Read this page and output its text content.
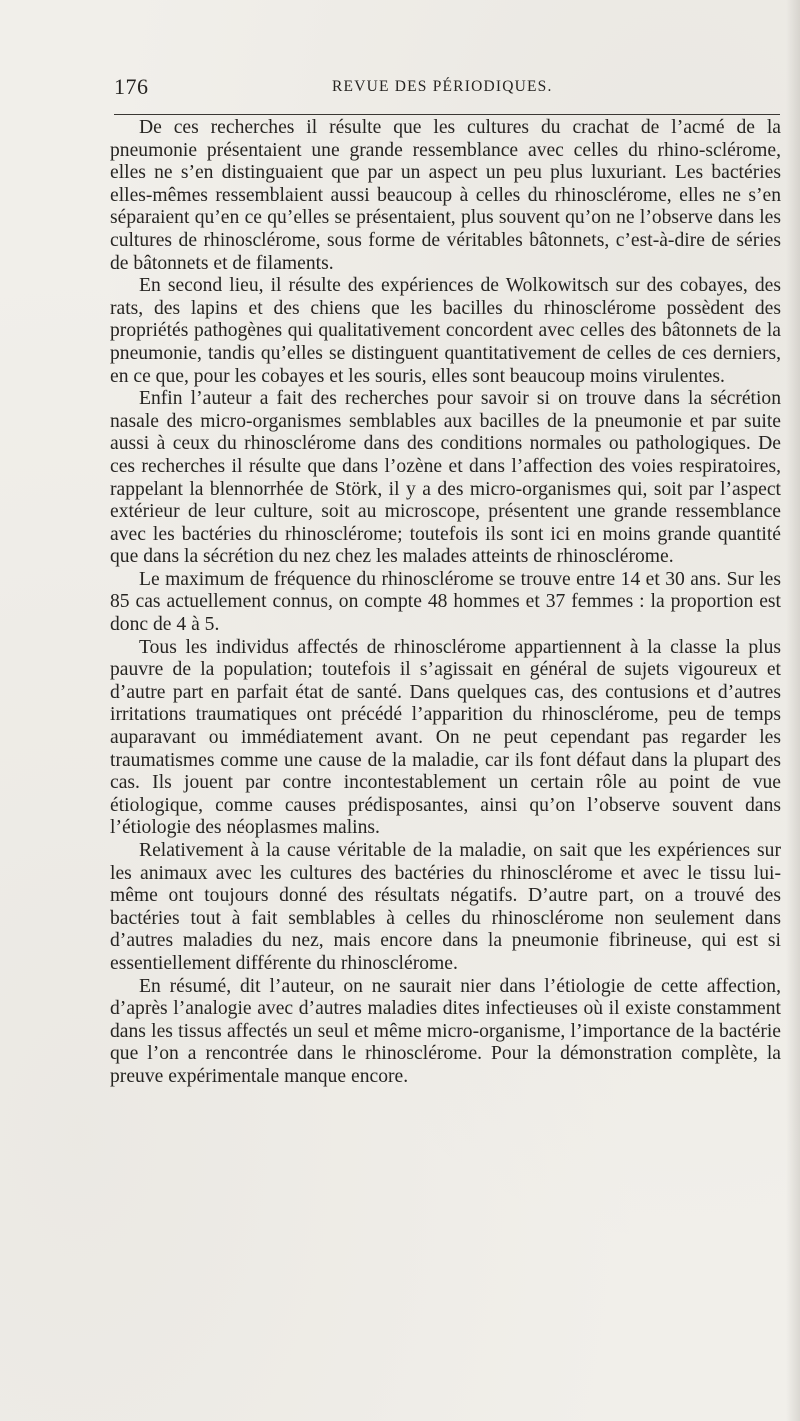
176	REVUE DES PÉRIODIQUES.

De ces recherches il résulte que les cultures du crachat de l’acmé de la pneumonie présentaient une grande ressemblance avec celles du rhino-sclérome, elles ne s’en distinguaient que par un aspect un peu plus luxuriant. Les bactéries elles-mêmes ressemblaient aussi beaucoup à celles du rhinosclérome, elles ne s’en séparaient qu’en ce qu’elles se présentaient, plus souvent qu’on ne l’observe dans les cultures de rhinosclérome, sous forme de véritables bâtonnets, c’est-à-dire de séries de bâtonnets et de filaments.

En second lieu, il résulte des expériences de Wolkowitsch sur des cobayes, des rats, des lapins et des chiens que les bacilles du rhinosclérome possèdent des propriétés pathogènes qui qualitativement concordent avec celles des bâtonnets de la pneumonie, tandis qu’elles se distinguent quantitativement de celles de ces derniers, en ce que, pour les cobayes et les souris, elles sont beaucoup moins virulentes.

Enfin l’auteur a fait des recherches pour savoir si on trouve dans la sécrétion nasale des micro-organismes semblables aux bacilles de la pneumonie et par suite aussi à ceux du rhinosclérome dans des conditions normales ou pathologiques. De ces recherches il résulte que dans l’ozène et dans l’affection des voies respiratoires, rappelant la blennorrhée de Störk, il y a des micro-organismes qui, soit par l’aspect extérieur de leur culture, soit au microscope, présentent une grande ressemblance avec les bactéries du rhinosclérome; toutefois ils sont ici en moins grande quantité que dans la sécrétion du nez chez les malades atteints de rhinosclérome.

Le maximum de fréquence du rhinosclérome se trouve entre 14 et 30 ans. Sur les 85 cas actuellement connus, on compte 48 hommes et 37 femmes : la proportion est donc de 4 à 5.

Tous les individus affectés de rhinosclérome appartiennent à la classe la plus pauvre de la population; toutefois il s’agissait en général de sujets vigoureux et d’autre part en parfait état de santé. Dans quelques cas, des contusions et d’autres irritations traumatiques ont précédé l’apparition du rhinosclérome, peu de temps auparavant ou immédiatement avant. On ne peut cependant pas regarder les traumatismes comme une cause de la maladie, car ils font défaut dans la plupart des cas. Ils jouent par contre incontestablement un certain rôle au point de vue étiologique, comme causes prédisposantes, ainsi qu’on l’observe souvent dans l’étiologie des néoplasmes malins.

Relativement à la cause véritable de la maladie, on sait que les expériences sur les animaux avec les cultures des bactéries du rhinosclérome et avec le tissu lui-même ont toujours donné des résultats négatifs. D’autre part, on a trouvé des bactéries tout à fait semblables à celles du rhinosclérome non seulement dans d’autres maladies du nez, mais encore dans la pneumonie fibrineuse, qui est si essentiellement différente du rhinosclérome.

En résumé, dit l’auteur, on ne saurait nier dans l’étiologie de cette affection, d’après l’analogie avec d’autres maladies dites infectieuses où il existe constamment dans les tissus affectés un seul et même micro-organisme, l’importance de la bactérie que l’on a rencontrée dans le rhinosclérome. Pour la démonstration complète, la preuve expérimentale manque encore.
